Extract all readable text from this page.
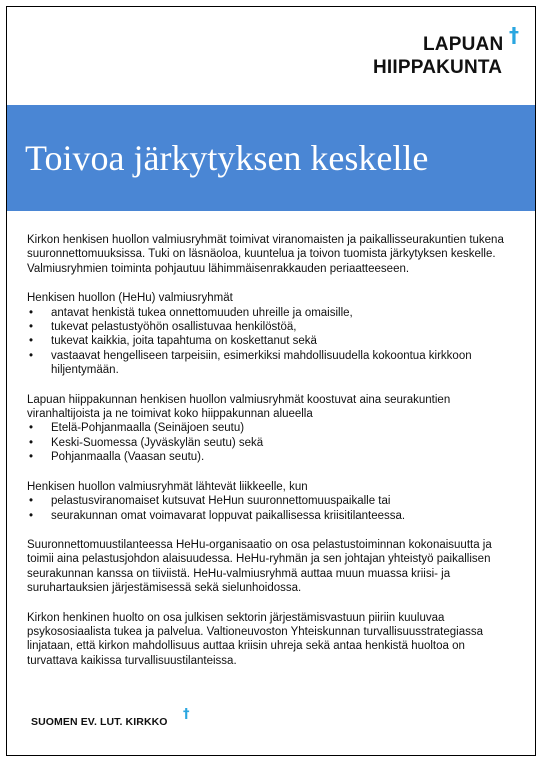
LAPUAN †
HIIPPAKUNTA
Toivoa järkytyksen keskelle

Kirkon henkisen huollon valmiusryhmät toimivat viranomaisten ja paikallisseurakuntien tukena suuronnettomuuksissa. Tuki on läsnäoloa, kuuntelua ja toivon tuomista järkytyksen keskelle. Valmiusryhmien toiminta pohjautuu lähimmäisenrakkauden periaatteeseen.

Henkisen huollon (HeHu) valmiusryhmät

• antavat henkistä tukea onnettomuuden uhreille ja omaisille,
• tukevat pelastustyöhön osallistuvaa henkilöstöä,
• tukevat kaikkia, joita tapahtuma on koskettanut sekä
• vastaavat hengelliseen tarpeisiin, esimerkiksi mahdollisuudella kokoontua kirkkoon hiljentymään.

Lapuan hiippakunnan henkisen huollon valmiusryhmät koostuvat aina seurakuntien viranhaltijoista ja ne toimivat koko hiippakunnan alueella

• Etelä-Pohjanmaalla (Seinäjoen seutu)
• Keski-Suomessa (Jyväskylän seutu) sekä
• Pohjanmaalla (Vaasan seutu).

Henkisen huollon valmiusryhmät lähtevät liikkeelle, kun

• pelastusviranomaiset kutsuvat HeHun suuronnettomuuspaikalle tai
• seurakunnan omat voimavarat loppuvat paikallisessa kriisitilanteessa.

Suuronnettomuustilanteessa HeHu-organisaatio on osa pelastustoiminnan kokonaisuutta ja toimii aina pelastusjohdon alaisuudessa. HeHu-ryhmän ja sen johtajan yhteistyö paikallisen seurakunnan kanssa on tiiviistä. HeHu-valmiusryhmä auttaa muun muassa kriisi- ja suruhartauksien järjestämisessä sekä sielunhoidossa.

Kirkon henkinen huolto on osa julkisen sektorin järjestämisvastuun piiriin kuuluvaa psykososiaalista tukea ja palvelua. Valtioneuvoston Yhteiskunnan turvallisuusstrategiassa linjataan, että kirkon mahdollisuus auttaa kriisin uhreja sekä antaa henkistä huoltoa on turvattava kaikissa turvallisuustilanteissa.

SUOMEN EV. LUT. KIRKKO †
